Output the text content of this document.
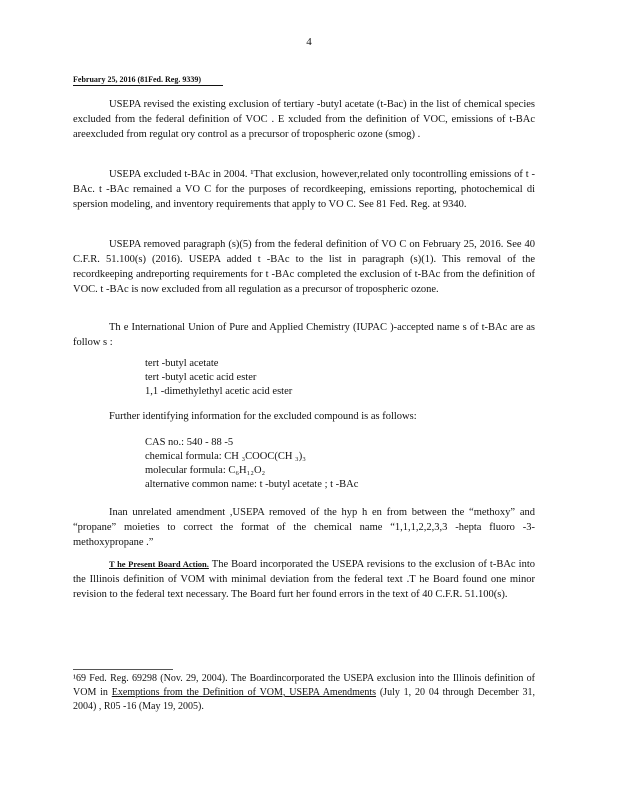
4
February 25, 2016 (81Fed. Reg. 9339)

USEPA revised the existing exclusion of tertiary -butyl acetate (t-Bac) in the list of chemical species excluded from the federal definition of VOC . E xcluded from the definition of VOC, emissions of t-BAc areexcluded from regulat ory control as a precursor of tropospheric ozone (smog) .

USEPA excluded t-BAc in 2004. ¹That exclusion, however,related only tocontrolling emissions of t -BAc. t -BAc remained a VO C for the purposes of recordkeeping, emissions reporting, photochemical di spersion modeling, and inventory requirements that apply to VO C. See 81 Fed. Reg. at 9340.

USEPA removed paragraph (s)(5) from the federal definition of VO C on February 25, 2016. See 40 C.F.R. 51.100(s) (2016). USEPA added t -BAc to the list in paragraph (s)(1). This removal of the recordkeeping andreporting requirements for t -BAc completed the exclusion of t-BAc from the definition of VOC. t -BAc is now excluded from all regulation as a precursor of tropospheric ozone.

Th e International Union of Pure and Applied Chemistry (IUPAC )-accepted name s of t-BAc are as follow s :

tert -butyl acetate
tert -butyl acetic acid ester
1,1 -dimethylethyl acetic acid ester

Further identifying information for the excluded compound is as follows:

CAS no.: 540 - 88 -5
chemical formula: CH ₃COOC(CH ₃)₃
molecular formula: C₆H₁₂O₂
alternative common name: t -butyl acetate ; t -BAc

Inan unrelated amendment ,USEPA removed of the hyp h en from between the “methoxy” and “propane” moieties to correct the format of the chemical name “1,1,1,2,2,3,3 -hepta fluoro -3-methoxypropane .”

T he Present Board Action. The Board incorporated the USEPA revisions to the exclusion of t-BAc into the Illinois definition of VOM with minimal deviation from the federal text .T he Board found one minor revision to the federal text necessary. The Board furt her found errors in the text of 40 C.F.R. 51.100(s).

¹69 Fed. Reg. 69298 (Nov. 29, 2004). The Boardincorporated the USEPA exclusion into the Illinois definition of VOM in Exemptions from the Definition of VOM, USEPA Amendments (July 1, 20 04 through December 31, 2004) , R05 -16 (May 19, 2005).
